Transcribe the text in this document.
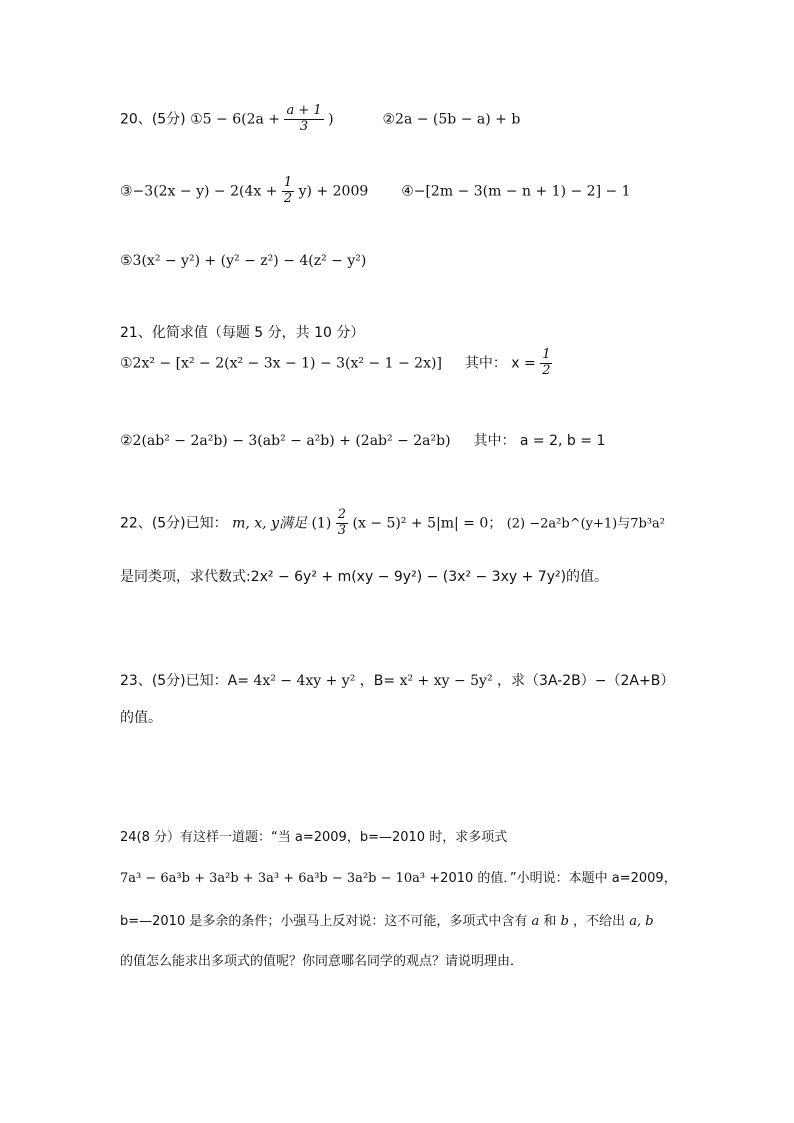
20、(5分) ①5 − $6(2a + \frac{a + 1}{3}$ )	②2a − (5b − a) + b
③−3(2x − $y) - 2(4x + \frac{1}{2} y) + 2009$ ④−[2m − 3(m − n + 1) − 2] − 1
⑤3(x² − y²) + (y² − z²) − 4(z² − y²)
21、化简求值（每题 5 分，共 10 分）
①2x² − [x² − 2(x² − 3x − 1) − 3(x² − 1 − 2x)] 其中： $x = \frac{1}{2}$
②2(ab² − 2a²b) − 3(ab² − a²b) + (2ab² − 2a²b) 其中： a = 2, b = 1
22、(5分)已知： m, x, y满足 $(1) \frac{2}{3} (x - 5)^2 + 5|m| = 0$； (2) −2a²b^(y+1)与7b³a²
是同类项，求代数式:2x² − 6y² + m(xy − 9y²) − (3x² − 3xy + 7y²)的值。
23、(5分)已知：A= 4x² − 4xy + y² ，B= x² + xy − 5y² ，求（3A-2B）−（2A+B）
的值。
24(8 分）有这样一道题：“当 a=2009，b=—2010 时，求多项式
7a³ − 6a³b + 3a²b + 3a³ + 6a³b − 3a²b − 10a³ +2010 的值．”小明说：本题中 a=2009，
b=—2010 是多余的条件；小强马上反对说：这不可能，多项式中含有 a 和 b ，不给出 a, b
的值怎么能求出多项式的值呢？你同意哪名同学的观点？请说明理由．
